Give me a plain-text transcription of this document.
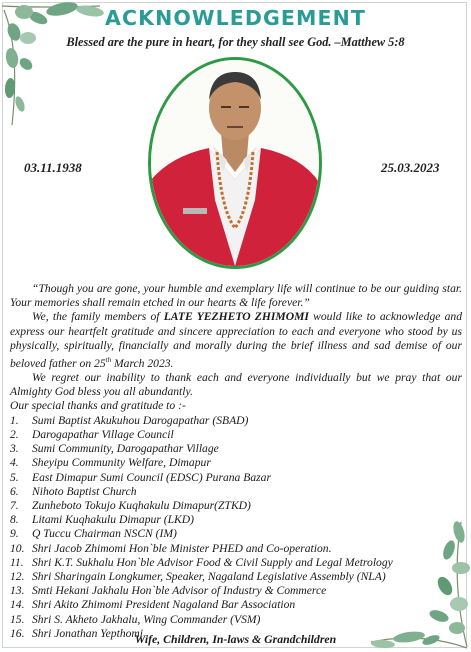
ACKNOWLEDGEMENT
Blessed are the pure in heart, for they shall see God. –Matthew 5:8
03.11.1938	25.03.2023

“Though you are gone, your humble and exemplary life will continue to be our guiding star. Your memories shall remain etched in our hearts & life forever.”

We, the family members of LATE YEZHETO ZHIMOMI would like to acknowledge and express our heartfelt gratitude and sincere appreciation to each and everyone who stood by us physically, spiritually, financially and morally during the brief illness and sad demise of our beloved father on 25th March 2023.

We regret our inability to thank each and everyone individually but we pray that our Almighty God bless you all abundantly.

Our special thanks and gratitude to :-

1. Sumi Baptist Akukuhou Darogapathar (SBAD)
2. Darogapathar Village Council
3. Sumi Community, Darogapathar Village
4. Sheyipu Community Welfare, Dimapur
5. East Dimapur Sumi Council (EDSC) Purana Bazar
6. Nihoto Baptist Church
7. Zunheboto Tokujo Kuqhakulu Dimapur(ZTKD)
8. Litami Kuqhakulu Dimapur (LKD)
9. Q Tuccu Chairman NSCN (IM)
10. Shri Jacob Zhimomi Hon`ble Minister PHED and Co-operation.
11. Shri K.T. Sukhalu Hon`ble Advisor Food & Civil Supply and Legal Metrology
12. Shri Sharingain Longkumer, Speaker, Nagaland Legislative Assembly (NLA)
13. Smti Hekani Jakhalu Hon`ble Advisor of Industry & Commerce
14. Shri Akito Zhimomi President Nagaland Bar Association
15. Shri S. Akheto Jakhalu, Wing Commander (VSM)
16. Shri Jonathan Yepthomi
Wife, Children, In-laws & Grandchildren
